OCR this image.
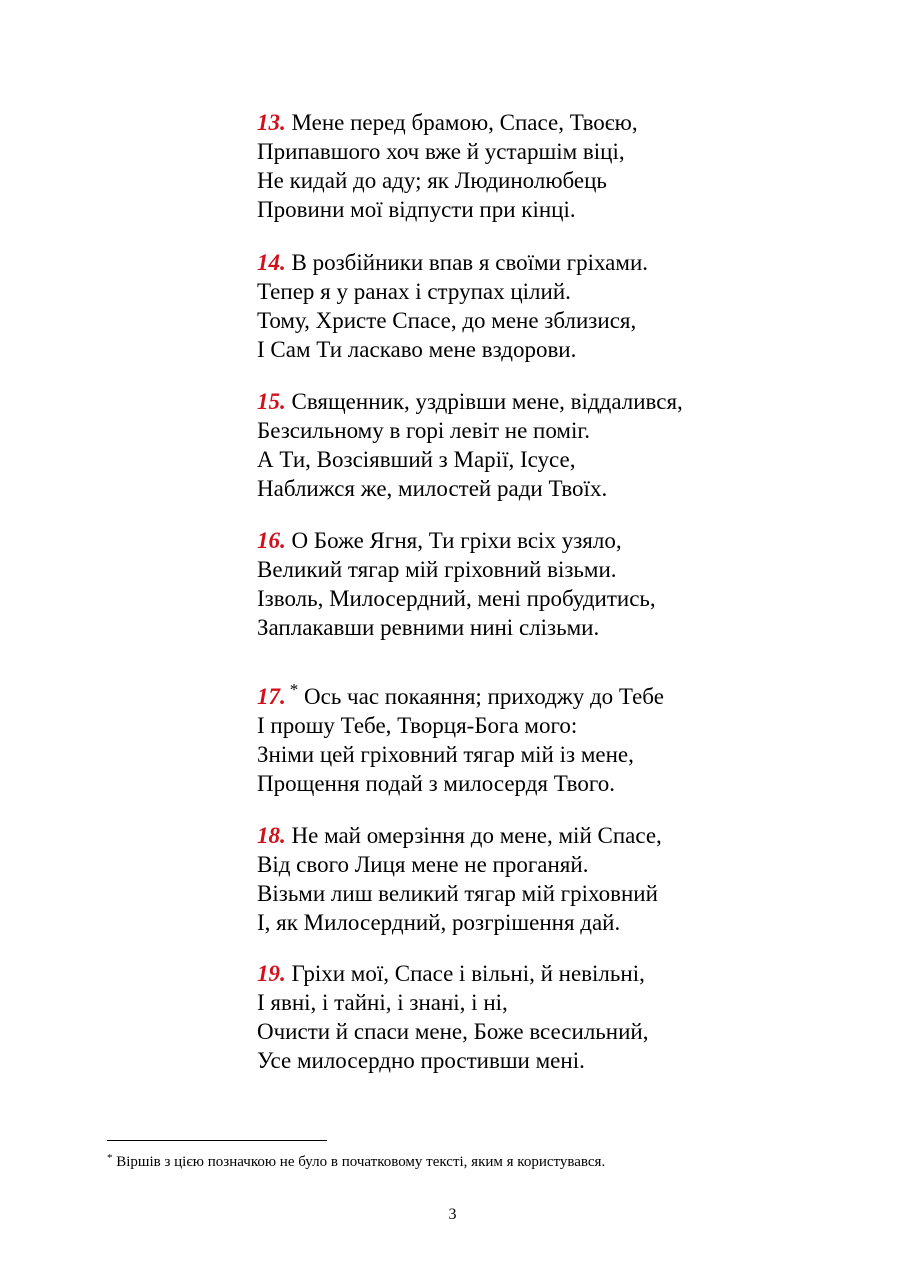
13. Мене перед брамою, Спасе, Твоєю,
Припавшого хоч вже й устаршім віці,
Не кидай до аду; як Людинолюбець
Провини мої відпусти при кінці.
14. В розбійники впав я своїми гріхами.
Тепер я у ранах і струпах цілий.
Тому, Христе Спасе, до мене зблизися,
І Сам Ти ласкаво мене вздорови.
15. Священник, уздрівши мене, віддалився,
Безсильному в горі левіт не поміг.
А Ти, Возсіявший з Марії, Ісусе,
Наближся же, милостей ради Твоїх.
16. О Боже Ягня, Ти гріхи всіх узяло,
Великий тягар мій гріховний візьми.
Ізволь, Милосердний, мені пробудитись,
Заплакавши ревними нині слізьми.
17. * Ось час покаяння; приходжу до Тебе
І прошу Тебе, Творця-Бога мого:
Зніми цей гріховний тягар мій із мене,
Прощення подай з милосердя Твого.
18. Не май омерзіння до мене, мій Спасе,
Від свого Лиця мене не проганяй.
Візьми лиш великий тягар мій гріховний
І, як Милосердний, розгрішення дай.
19. Гріхи мої, Спасе і вільні, й невільні,
І явні, і тайні, і знані, і ні,
Очисти й спаси мене, Боже всесильний,
Усе милосердно простивши мені.
* Віршів з цією позначкою не було в початковому тексті, яким я користувався.
3
